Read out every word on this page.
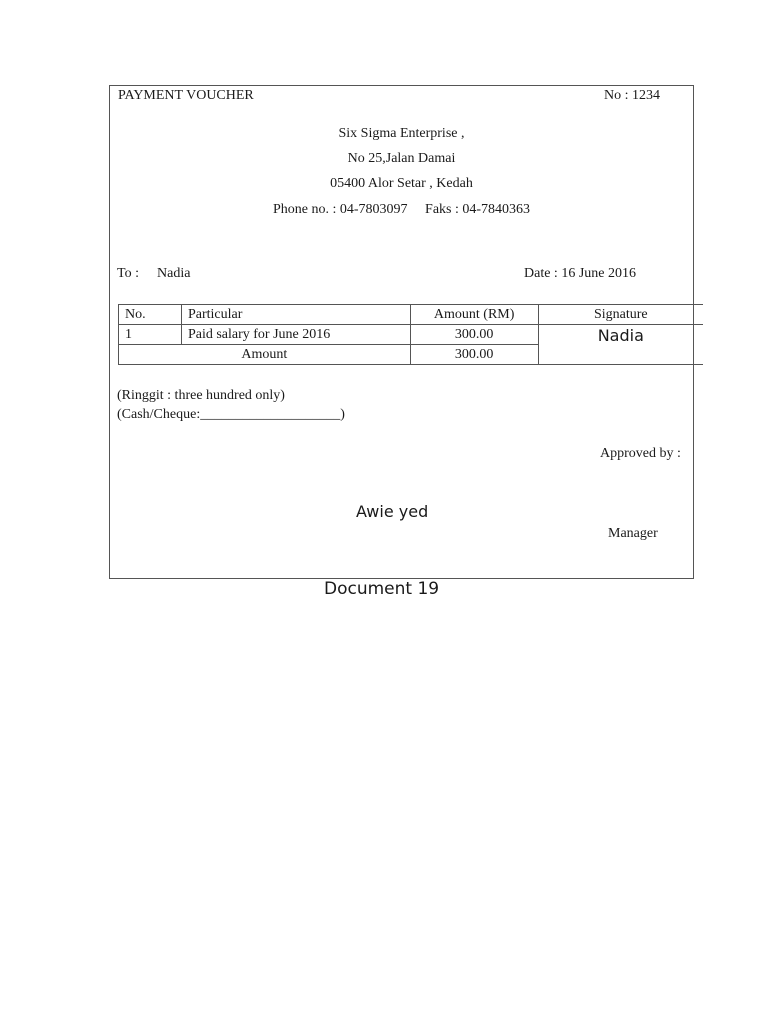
PAYMENT VOUCHER	No : 1234
Six Sigma Enterprise ,
No 25,Jalan Damai
05400 Alor Setar , Kedah
Phone no. : 04-7803097 Faks : 04-7840363
To : Nadia	Date : 16 June 2016
No.	Particular	Amount (RM)	Signature
1	Paid salary for June 2016	300.00	Nadia
Amount		300.00	
(Ringgit : three hundred only)
(Cash/Cheque:____________________)
Approved by :
Awie yed
Manager
Document 19
